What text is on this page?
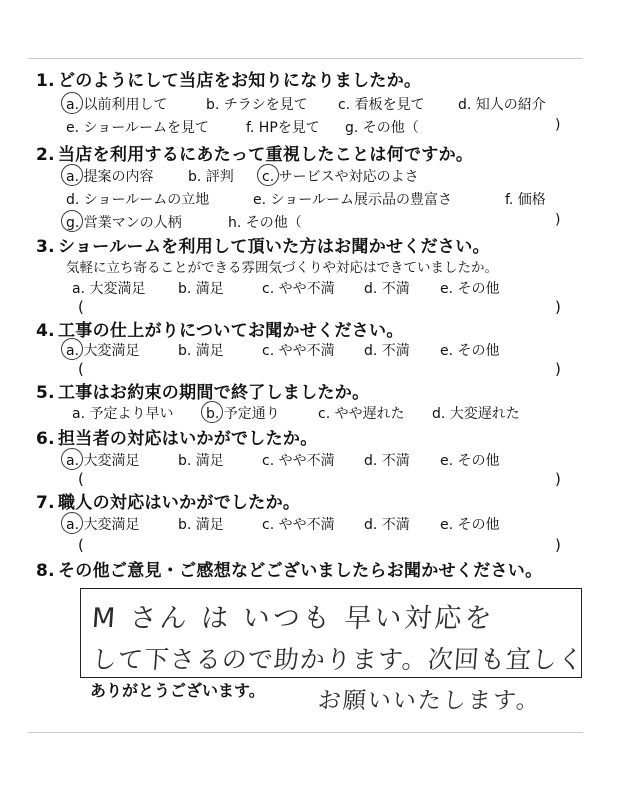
1. どのようにして当店をお知りになりましたか。
a. 以前利用して	b. チラシを見て c. 看板を見て d. 知人の紹介
e. ショールームを見て	f. HPを見て g. その他（	)
2. 当店を利用するにあたって重視したことは何ですか。
a. 提案の内容 b. 評判 c. サービスや対応のよさ
d. ショールームの立地	e. ショールーム展示品の豊富さ	f. 価格
g. 営業マンの人柄	h. その他（	)
3. ショールームを利用して頂いた方はお聞かせください。
気軽に立ち寄ることができる雰囲気づくりや対応はできていましたか。
a. 大変満足 b. 満足	c. やや不満 d. 不満 e. その他
(	)
4. 工事の仕上がりについてお聞かせください。
a. 大変満足	b. 満足	c. やや不満 d. 不満 e. その他
(	)
5. 工事はお約束の期間で終了しましたか。
a. 予定より早い b. 予定通り	c. やや遅れた d. 大変遅れた
6. 担当者の対応はいかがでしたか。
a. 大変満足	b. 満足	c. やや不満 d. 不満 e. その他
(	)
7. 職人の対応はいかがでしたか。
a. 大変満足	b. 満足	c. やや不満 d. 不満 e. その他
(	)
8. その他ご意見・ご感想などございましたらお聞かせください。
M さん は いつも 早い対応を
して下さるので助かります。次回も宜しく
ありがとうございます。 お願いいたします。
